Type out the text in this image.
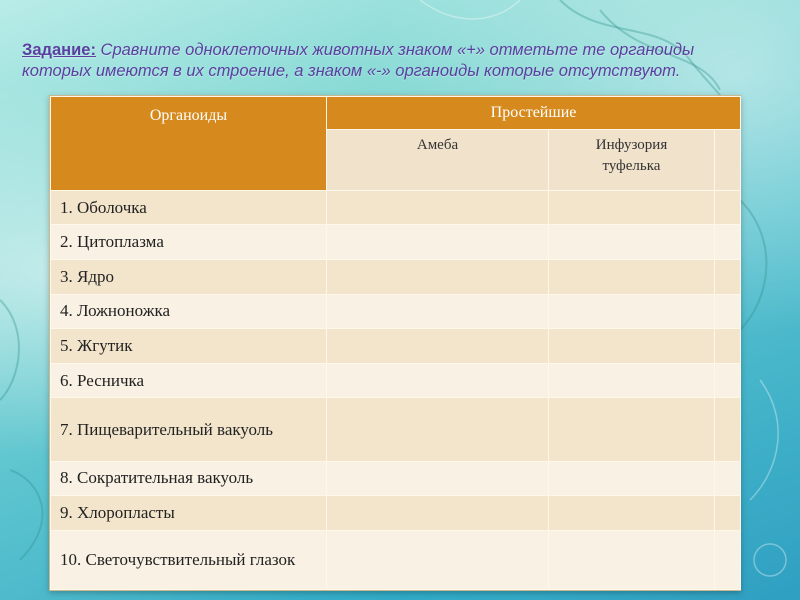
Задание: Сравните одноклеточных животных знаком «+» отметьте те органоиды которых имеются в их строение, а знаком «-» органоиды которые отсутствуют.

Органоиды	Простейшие		
	Амеба	Инфузория
туфелька	
1. Оболочка			
2. Цитоплазма			
3. Ядро			
4. Ложноножка			
5. Жгутик			
6. Ресничка			
7. Пищеварительный вакуоль			
8. Сократительная вакуоль			
9. Хлоропласты			
10. Светочувствительный глазок			
